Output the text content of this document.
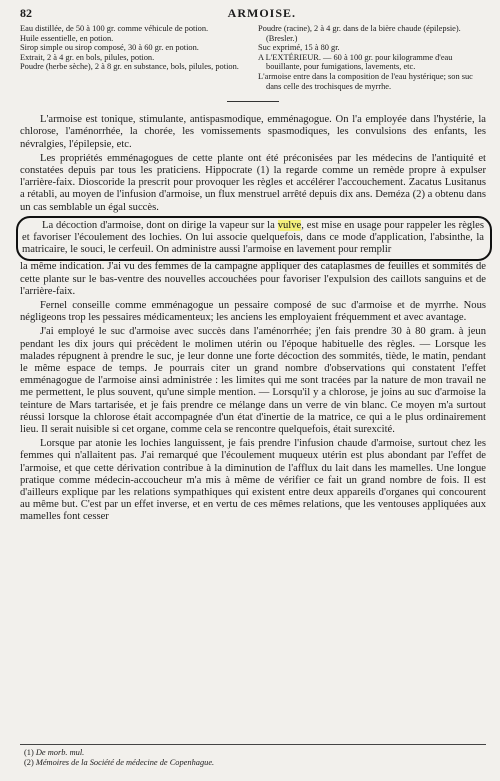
82	ARMOISE.

Eau distillée, de 50 à 100 gr. comme véhicule de potion.

Huile essentielle, en potion.

Sirop simple ou sirop composé, 30 à 60 gr. en potion.

Extrait, 2 à 4 gr. en bols, pilules, potion.

Poudre (herbe sèche), 2 à 8 gr. en substance, bols, pilules, potion.

Poudre (racine), 2 à 4 gr. dans de la bière chaude (épilepsie). (Bresler.)

Suc exprimé, 15 à 80 gr.

A L'EXTÉRIEUR. — 60 à 100 gr. pour kilogramme d'eau bouillante, pour fumigations, lavements, etc.

L'armoise entre dans la composition de l'eau hystérique; son suc dans celle des trochisques de myrrhe.

L'armoise est tonique, stimulante, antispasmodique, emménagogue. On l'a employée dans l'hystérie, la chlorose, l'aménorrhée, la chorée, les vomissements spasmodiques, les convulsions des enfants, les névralgies, l'épilepsie, etc.

Les propriétés emménagogues de cette plante ont été préconisées par les médecins de l'antiquité et constatées depuis par tous les praticiens. Hippocrate (1) la regarde comme un remède propre à expulser l'arrière-faix. Dioscoride la prescrit pour provoquer les règles et accélérer l'accouchement. Zacatus Lusitanus a rétabli, au moyen de l'infusion d'armoise, un flux menstruel arrêté depuis dix ans. Deméza (2) a obtenu dans un cas semblable un égal succès.

La décoction d'armoise, dont on dirige la vapeur sur la vulve, est mise en usage pour rappeler les règles et favoriser l'écoulement des lochies. On lui associe quelquefois, dans ce mode d'application, l'absinthe, la matricaire, le souci, le cerfeuil. On administre aussi l'armoise en lavement pour remplir

la même indication. J'ai vu des femmes de la campagne appliquer des cataplasmes de feuilles et sommités de cette plante sur le bas-ventre des nouvelles accouchées pour favoriser l'expulsion des caillots sanguins et de l'arrière-faix.

Fernel conseille comme emménagogue un pessaire composé de suc d'armoise et de myrrhe. Nous négligeons trop les pessaires médicamenteux; les anciens les employaient fréquemment et avec avantage.

J'ai employé le suc d'armoise avec succès dans l'aménorrhée; j'en fais prendre 30 à 80 gram. à jeun pendant les dix jours qui précèdent le molimen utérin ou l'époque habituelle des règles. — Lorsque les malades répugnent à prendre le suc, je leur donne une forte décoction des sommités, tiède, le matin, pendant le même espace de temps. Je pourrais citer un grand nombre d'observations qui constatent l'effet emménagogue de l'armoise ainsi administrée : les limites qui me sont tracées par la nature de mon travail ne me permettent, le plus souvent, qu'une simple mention. — Lorsqu'il y a chlorose, je joins au suc d'armoise la teinture de Mars tartarisée, et je fais prendre ce mélange dans un verre de vin blanc. Ce moyen m'a surtout réussi lorsque la chlorose était accompagnée d'un état d'inertie de la matrice, ce qui a le plus ordinairement lieu. Il serait nuisible si cet organe, comme cela se rencontre quelquefois, était surexcité.

Lorsque par atonie les lochies languissent, je fais prendre l'infusion chaude d'armoise, surtout chez les femmes qui n'allaitent pas. J'ai remarqué que l'écoulement muqueux utérin est plus abondant par l'effet de l'armoise, et que cette dérivation contribue à la diminution de l'afflux du lait dans les mamelles. Une longue pratique comme médecin-accoucheur m'a mis à même de vérifier ce fait un grand nombre de fois. Il est d'ailleurs explique par les relations sympathiques qui existent entre deux appareils d'organes qui concourent au même but. C'est par un effet inverse, et en vertu de ces mêmes relations, que les ventouses appliquées aux mamelles font cesser

(1) De morb. mul.
(2) Mémoires de la Société de médecine de Copenhague.
